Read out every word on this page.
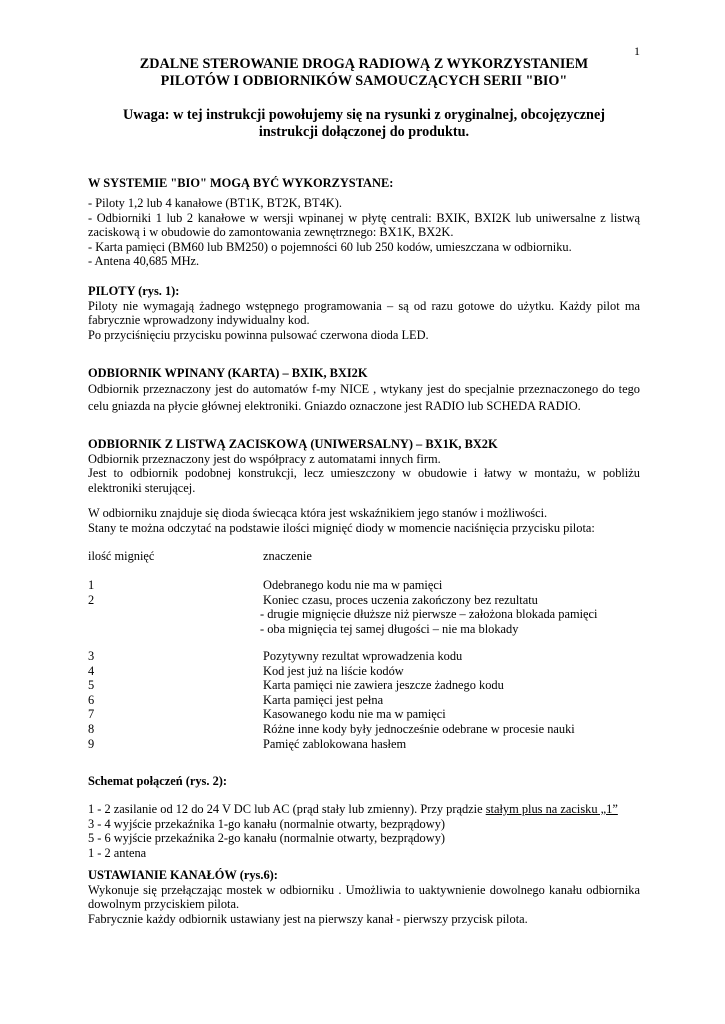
1
ZDALNE STEROWANIE DROGĄ RADIOWĄ Z WYKORZYSTANIEM
PILOTÓW I ODBIORNIKÓW SAMOUCZĄCYCH SERII "BIO"
Uwaga: w tej instrukcji powołujemy się na rysunki z oryginalnej, obcojęzycznej
instrukcji dołączonej do produktu.

W SYSTEMIE "BIO" MOGĄ BYĆ WYKORZYSTANE:

- Piloty 1,2 lub 4 kanałowe (BT1K, BT2K, BT4K).

- Odbiorniki 1 lub 2 kanałowe w wersji wpinanej w płytę centrali: BXIK, BXI2K lub uniwersalne z listwą zaciskową i w obudowie do zamontowania zewnętrznego: BX1K, BX2K.

- Karta pamięci (BM60 lub BM250) o pojemności 60 lub 250 kodów, umieszczana w odbiorniku.

- Antena 40,685 MHz.

PILOTY (rys. 1):

Piloty nie wymagają żadnego wstępnego programowania – są od razu gotowe do użytku. Każdy pilot ma fabrycznie wprowadzony indywidualny kod.

Po przyciśnięciu przycisku powinna pulsować czerwona dioda LED.

ODBIORNIK WPINANY (KARTA) – BXIK, BXI2K

Odbiornik przeznaczony jest do automatów f-my NICE , wtykany jest do specjalnie przeznaczonego do tego celu gniazda na płycie głównej elektroniki. Gniazdo oznaczone jest RADIO lub SCHEDA RADIO.

ODBIORNIK Z LISTWĄ ZACISKOWĄ (UNIWERSALNY) – BX1K, BX2K

Odbiornik przeznaczony jest do współpracy z automatami innych firm.

Jest to odbiornik podobnej konstrukcji, lecz umieszczony w obudowie i łatwy w montażu, w pobliżu elektroniki sterującej.

W odbiorniku znajduje się dioda świecąca która jest wskaźnikiem jego stanów i możliwości.

Stany te można odczytać na podstawie ilości mignięć diody w momencie naciśnięcia przycisku pilota:

ilość mignięć	znaczenie
1	Odebranego kodu nie ma w pamięci
2	Koniec czasu, proces uczenia zakończony bez rezultatu
- drugie mignięcie dłuższe niż pierwsze – założona blokada pamięci
- oba mignięcia tej samej długości – nie ma blokady
3	Pozytywny rezultat wprowadzenia kodu
4	Kod jest już na liście kodów
5	Karta pamięci nie zawiera jeszcze żadnego kodu
6	Karta pamięci jest pełna
7	Kasowanego kodu nie ma w pamięci
8	Różne inne kody były jednocześnie odebrane w procesie nauki
9	Pamięć zablokowana hasłem

Schemat połączeń (rys. 2):

1 - 2 zasilanie od 12 do 24 V DC lub AC (prąd stały lub zmienny). Przy prądzie stałym plus na zacisku „1”

3 - 4 wyjście przekaźnika 1-go kanału (normalnie otwarty, bezprądowy)

5 - 6 wyjście przekaźnika 2-go kanału (normalnie otwarty, bezprądowy)

1 - 2 antena

USTAWIANIE KANAŁÓW (rys.6):

Wykonuje się przełączając mostek w odbiorniku . Umożliwia to uaktywnienie dowolnego kanału odbiornika dowolnym przyciskiem pilota.

Fabrycznie każdy odbiornik ustawiany jest na pierwszy kanał - pierwszy przycisk pilota.
